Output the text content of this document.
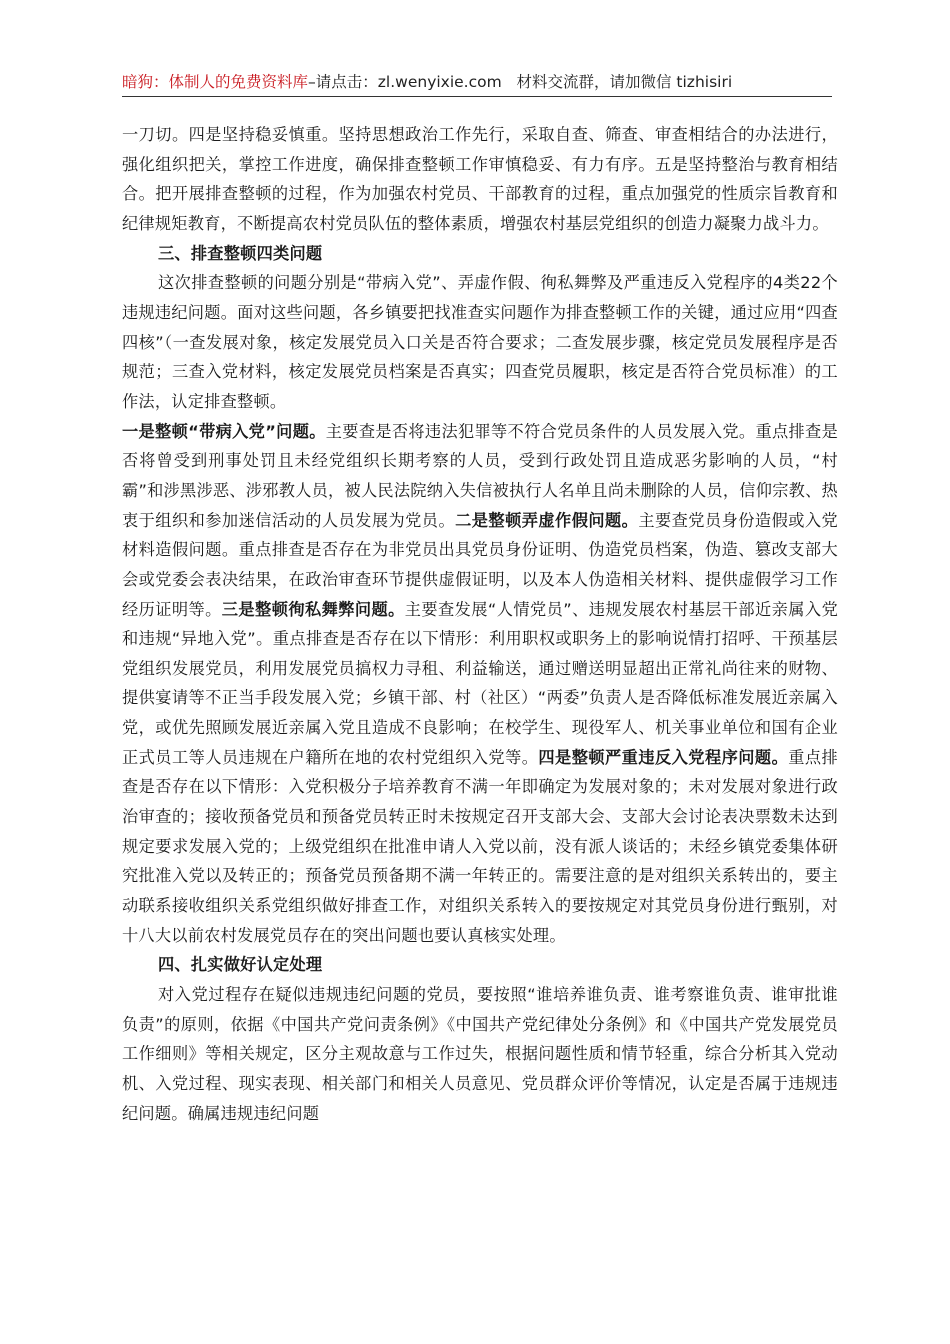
暗狗：体制人的免费资料库–请点击：zl.wenyixie.com 材料交流群，请加微信 tizhisiri

一刀切。四是坚持稳妥慎重。坚持思想政治工作先行，采取自查、筛查、审查相结合的办法进行，强化组织把关，掌控工作进度，确保排查整顿工作审慎稳妥、有力有序。五是坚持整治与教育相结合。把开展排查整顿的过程，作为加强农村党员、干部教育的过程，重点加强党的性质宗旨教育和纪律规矩教育，不断提高农村党员队伍的整体素质，增强农村基层党组织的创造力凝聚力战斗力。

三、排查整顿四类问题

这次排查整顿的问题分别是“带病入党”、弄虚作假、徇私舞弊及严重违反入党程序的4类22个违规违纪问题。面对这些问题，各乡镇要把找准查实问题作为排查整顿工作的关键，通过应用“四查四核”（一查发展对象，核定发展党员入口关是否符合要求；二查发展步骤，核定党员发展程序是否规范；三查入党材料，核定发展党员档案是否真实；四查党员履职，核定是否符合党员标准）的工作法，认定排查整顿。

一是整顿“带病入党”问题。主要查是否将违法犯罪等不符合党员条件的人员发展入党。重点排查是否将曾受到刑事处罚且未经党组织长期考察的人员，受到行政处罚且造成恶劣影响的人员，“村霸”和涉黑涉恶、涉邪教人员，被人民法院纳入失信被执行人名单且尚未删除的人员，信仰宗教、热衷于组织和参加迷信活动的人员发展为党员。二是整顿弄虚作假问题。主要查党员身份造假或入党材料造假问题。重点排查是否存在为非党员出具党员身份证明、伪造党员档案，伪造、篡改支部大会或党委会表决结果，在政治审查环节提供虚假证明，以及本人伪造相关材料、提供虚假学习工作经历证明等。三是整顿徇私舞弊问题。主要查发展“人情党员”、违规发展农村基层干部近亲属入党和违规“异地入党”。重点排查是否存在以下情形：利用职权或职务上的影响说情打招呼、干预基层党组织发展党员，利用发展党员搞权力寻租、利益输送，通过赠送明显超出正常礼尚往来的财物、提供宴请等不正当手段发展入党；乡镇干部、村（社区）“两委”负责人是否降低标准发展近亲属入党，或优先照顾发展近亲属入党且造成不良影响；在校学生、现役军人、机关事业单位和国有企业正式员工等人员违规在户籍所在地的农村党组织入党等。四是整顿严重违反入党程序问题。重点排查是否存在以下情形：入党积极分子培养教育不满一年即确定为发展对象的；未对发展对象进行政治审查的；接收预备党员和预备党员转正时未按规定召开支部大会、支部大会讨论表决票数未达到规定要求发展入党的；上级党组织在批准申请人入党以前，没有派人谈话的；未经乡镇党委集体研究批准入党以及转正的；预备党员预备期不满一年转正的。需要注意的是对组织关系转出的，要主动联系接收组织关系党组织做好排查工作，对组织关系转入的要按规定对其党员身份进行甄别，对十八大以前农村发展党员存在的突出问题也要认真核实处理。

四、扎实做好认定处理

对入党过程存在疑似违规违纪问题的党员，要按照“谁培养谁负责、谁考察谁负责、谁审批谁负责”的原则，依据《中国共产党问责条例》《中国共产党纪律处分条例》和《中国共产党发展党员工作细则》等相关规定，区分主观故意与工作过失，根据问题性质和情节轻重，综合分析其入党动机、入党过程、现实表现、相关部门和相关人员意见、党员群众评价等情况，认定是否属于违规违纪问题。确属违规违纪问题
